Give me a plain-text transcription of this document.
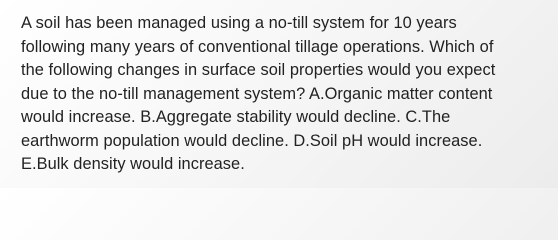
A soil has been managed using a no-till system for 10 years
following many years of conventional tillage operations. Which of
the following changes in surface soil properties would you expect
due to the no-till management system? A.Organic matter content
would increase. B.Aggregate stability would decline. C.The
earthworm population would decline. D.Soil pH would increase.
E.Bulk density would increase.
